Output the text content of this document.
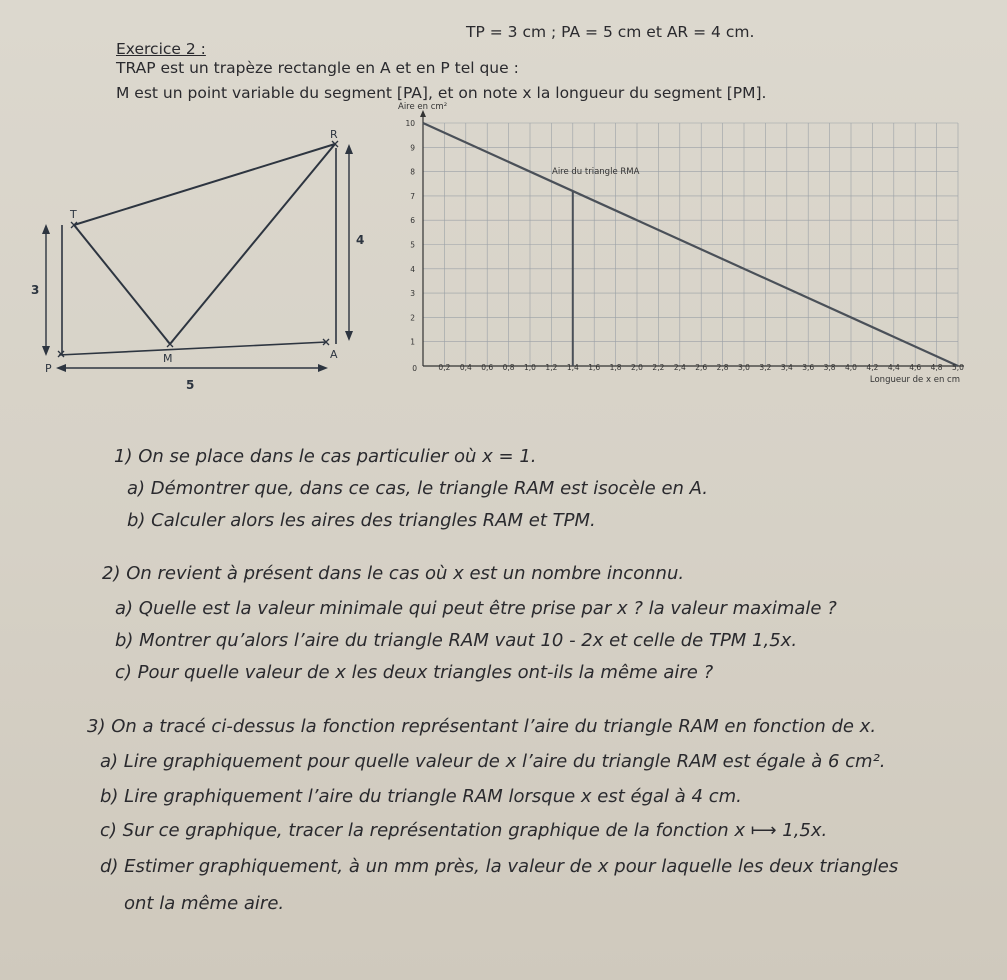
Exercice 2 :
TP = 3 cm ; PA = 5 cm et AR = 4 cm.
TRAP est un trapèze rectangle en A et en P tel que :
M est un point variable du segment [PA], et on note x la longueur du segment [PM].
R
T
P
M	A
3
4
5
1
2
3
4
5
6
7
8
9
10
0,2 0,4 0,6 0,8 1,0 1,2 1,4 1,6 1,8 2,0 2,2 2,4 2,6 2,8 3,0 3,2 3,4 3,6 3,8 4,0 4,2 4,4 4,6 4,8 5,0
0
Aire en cm²
Aire du triangle RMA
Longueur de x en cm
1) On se place dans le cas particulier où x = 1.
a) Démontrer que, dans ce cas, le triangle RAM est isocèle en A.
b) Calculer alors les aires des triangles RAM et TPM.
2) On revient à présent dans le cas où x est un nombre inconnu.
a) Quelle est la valeur minimale qui peut être prise par x ? la valeur maximale ?
b) Montrer qu’alors l’aire du triangle RAM vaut 10 - 2x et celle de TPM 1,5x.
c) Pour quelle valeur de x les deux triangles ont-ils la même aire ?
3) On a tracé ci-dessus la fonction représentant l’aire du triangle RAM en fonction de x.
a) Lire graphiquement pour quelle valeur de x l’aire du triangle RAM est égale à 6 cm².
b) Lire graphiquement l’aire du triangle RAM lorsque x est égal à 4 cm.
c) Sur ce graphique, tracer la représentation graphique de la fonction x ⟼ 1,5x.
d) Estimer graphiquement, à un mm près, la valeur de x pour laquelle les deux triangles
ont la même aire.
